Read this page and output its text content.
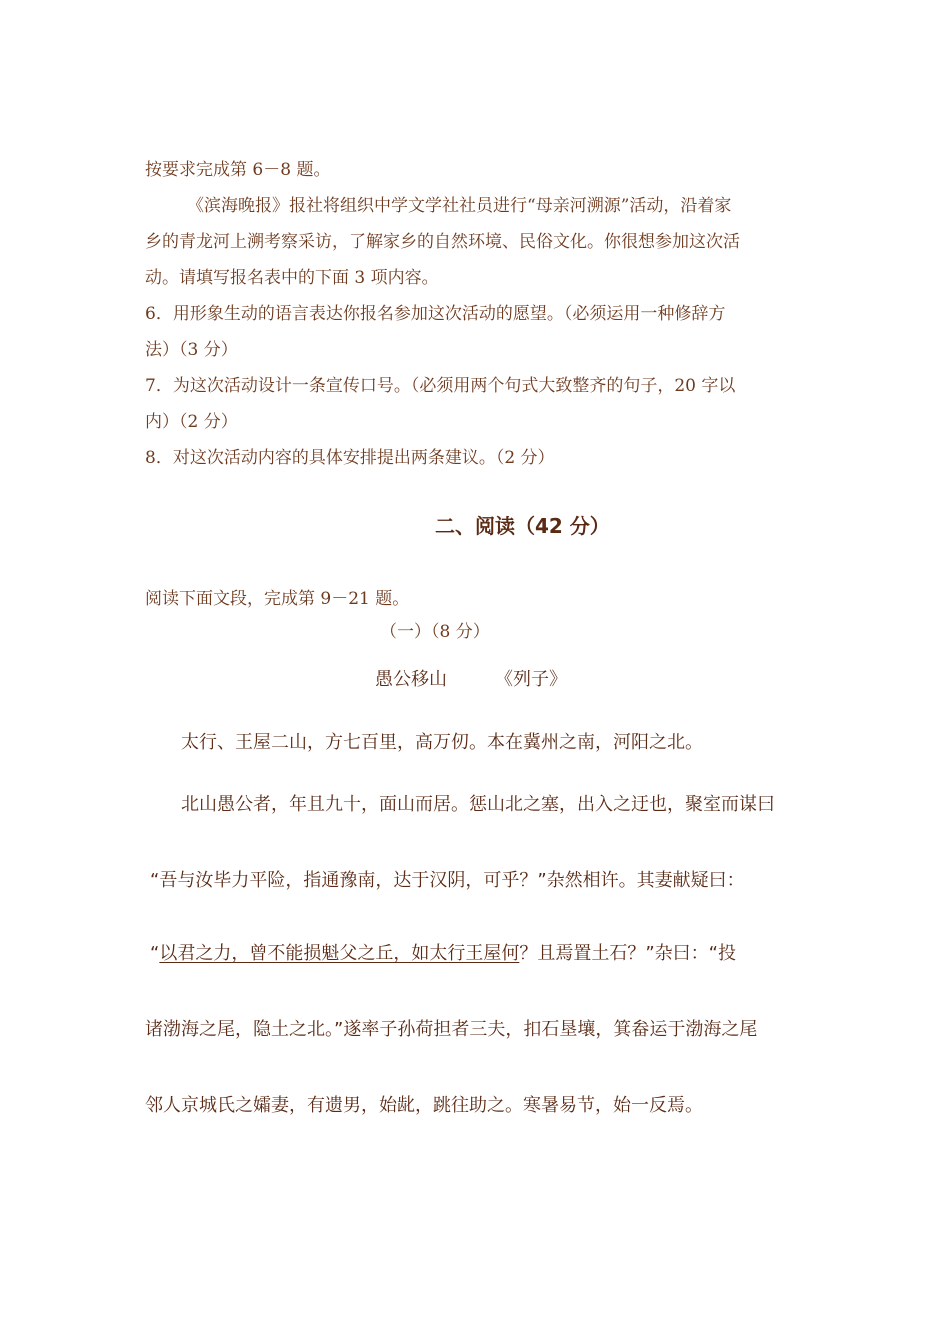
按要求完成第 6－8 题。
《滨海晚报》报社将组织中学文学社社员进行“母亲河溯源”活动，沿着家
乡的青龙河上溯考察采访，了解家乡的自然环境、民俗文化。你很想参加这次活
动。请填写报名表中的下面 3 项内容。
6．用形象生动的语言表达你报名参加这次活动的愿望。（必须运用一种修辞方
法）（3 分）
7．为这次活动设计一条宣传口号。（必须用两个句式大致整齐的句子，20 字以
内）（2 分）
8．对这次活动内容的具体安排提出两条建议。（2 分）
二、阅读（42 分）
阅读下面文段，完成第 9－21 题。
（一）（8 分）
愚公移山	《列子》
太行、王屋二山，方七百里，高万仞。本在冀州之南，河阳之北。
北山愚公者，年且九十，面山而居。惩山北之塞，出入之迂也，聚室而谋曰
“吾与汝毕力平险，指通豫南，达于汉阴，可乎？”杂然相许。其妻献疑曰：
“以君之力，曾不能损魁父之丘，如太行王屋何？且焉置土石？”杂曰：“投
诸渤海之尾，隐土之北。”遂率子孙荷担者三夫，扣石垦壤，箕畚运于渤海之尾
邻人京城氏之孀妻，有遗男，始龀，跳往助之。寒暑易节，始一反焉。
